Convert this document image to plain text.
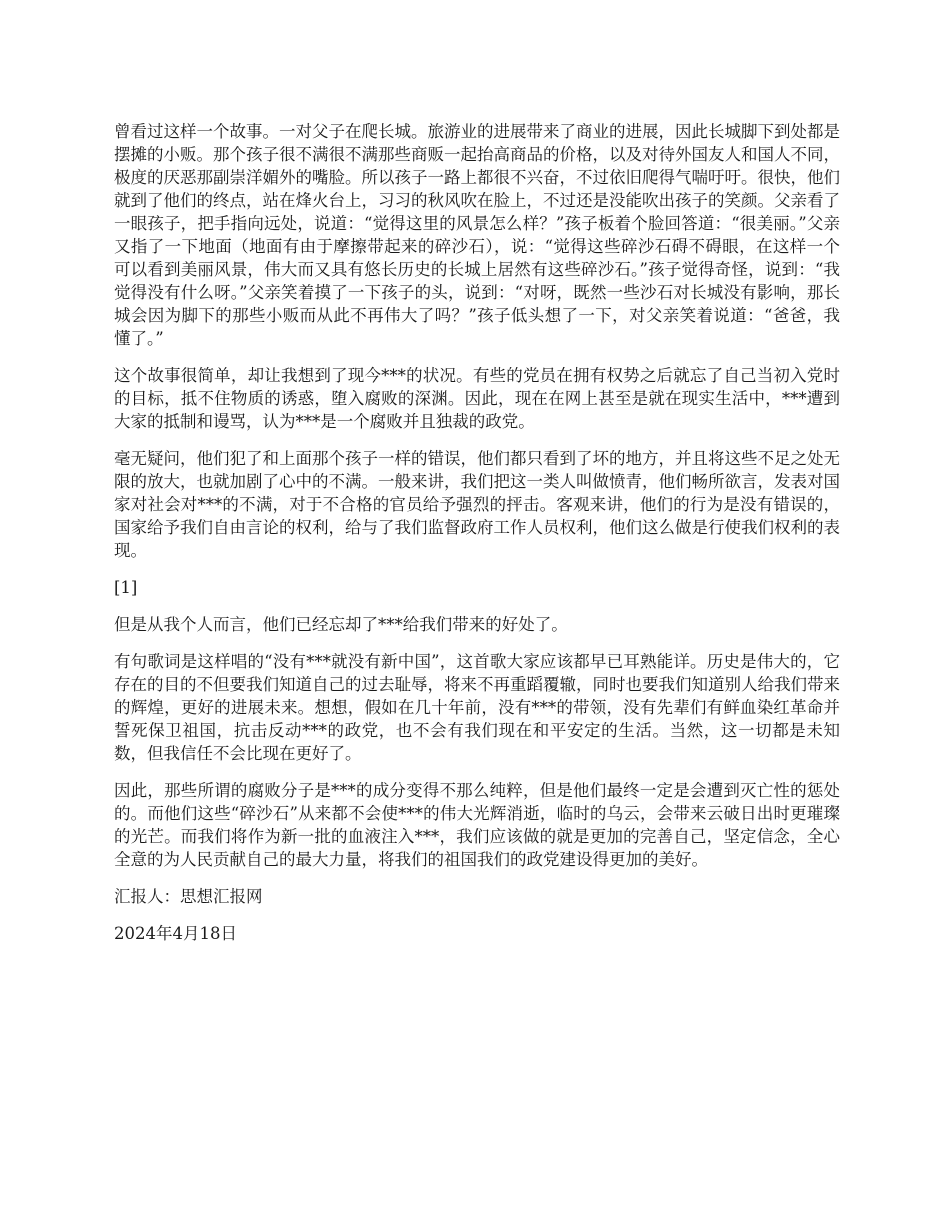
曾看过这样一个故事。一对父子在爬长城。旅游业的进展带来了商业的进展，因此长城脚下到处都是摆摊的小贩。那个孩子很不满很不满那些商贩一起抬高商品的价格，以及对待外国友人和国人不同，极度的厌恶那副崇洋媚外的嘴脸。所以孩子一路上都很不兴奋，不过依旧爬得气喘吁吁。很快，他们就到了他们的终点，站在烽火台上，习习的秋风吹在脸上，不过还是没能吹出孩子的笑颜。父亲看了一眼孩子，把手指向远处，说道：“觉得这里的风景怎么样？”孩子板着个脸回答道：“很美丽。”父亲又指了一下地面（地面有由于摩擦带起来的碎沙石），说：“觉得这些碎沙石碍不碍眼，在这样一个可以看到美丽风景，伟大而又具有悠长历史的长城上居然有这些碎沙石。”孩子觉得奇怪，说到：“我觉得没有什么呀。”父亲笑着摸了一下孩子的头，说到：“对呀，既然一些沙石对长城没有影响，那长城会因为脚下的那些小贩而从此不再伟大了吗？”孩子低头想了一下，对父亲笑着说道：“爸爸，我懂了。”

这个故事很简单，却让我想到了现今***的状况。有些的党员在拥有权势之后就忘了自己当初入党时的目标，抵不住物质的诱惑，堕入腐败的深渊。因此，现在在网上甚至是就在现实生活中，***遭到大家的抵制和谩骂，认为***是一个腐败并且独裁的政党。

毫无疑问，他们犯了和上面那个孩子一样的错误，他们都只看到了坏的地方，并且将这些不足之处无限的放大，也就加剧了心中的不满。一般来讲，我们把这一类人叫做愤青，他们畅所欲言，发表对国家对社会对***的不满，对于不合格的官员给予强烈的抨击。客观来讲，他们的行为是没有错误的，国家给予我们自由言论的权利，给与了我们监督政府工作人员权利，他们这么做是行使我们权利的表现。

[1]

但是从我个人而言，他们已经忘却了***给我们带来的好处了。

有句歌词是这样唱的“没有***就没有新中国”，这首歌大家应该都早已耳熟能详。历史是伟大的，它存在的目的不但要我们知道自己的过去耻辱，将来不再重蹈覆辙，同时也要我们知道别人给我们带来的辉煌，更好的进展未来。想想，假如在几十年前，没有***的带领，没有先辈们有鲜血染红革命并誓死保卫祖国，抗击反动***的政党，也不会有我们现在和平安定的生活。当然，这一切都是未知数，但我信任不会比现在更好了。

因此，那些所谓的腐败分子是***的成分变得不那么纯粹，但是他们最终一定是会遭到灭亡性的惩处的。而他们这些“碎沙石”从来都不会使***的伟大光辉消逝，临时的乌云，会带来云破日出时更璀璨的光芒。而我们将作为新一批的血液注入***，我们应该做的就是更加的完善自己，坚定信念，全心全意的为人民贡献自己的最大力量，将我们的祖国我们的政党建设得更加的美好。

汇报人：思想汇报网

2024年4月18日
